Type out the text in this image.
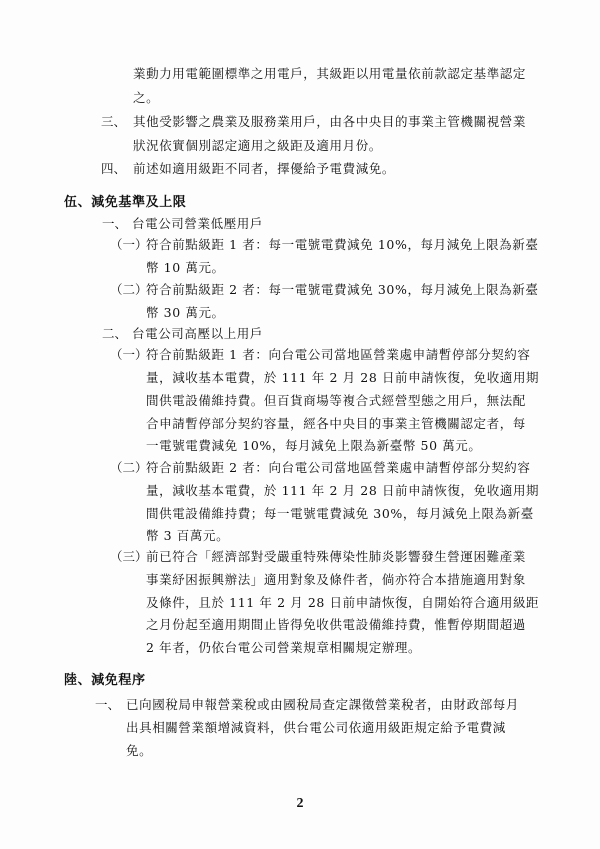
業動力用電範圍標準之用電戶，其級距以用電量依前款認定基準認定
之。
三、 其他受影響之農業及服務業用戶，由各中央目的事業主管機關視營業
狀況依實個別認定適用之級距及適用月份。
四、 前述如適用級距不同者，擇優給予電費減免。
伍、減免基準及上限
一、 台電公司營業低壓用戶
（一）
符合前點級距 1 者：每一電號電費減免 10%，每月減免上限為新臺
幣 10 萬元。
（二）
符合前點級距 2 者：每一電號電費減免 30%，每月減免上限為新臺
幣 30 萬元。
二、 台電公司高壓以上用戶
（一）
符合前點級距 1 者：向台電公司當地區營業處申請暫停部分契約容
量，減收基本電費，於 111 年 2 月 28 日前申請恢復，免收適用期
間供電設備維持費。但百貨商場等複合式經營型態之用戶，無法配
合申請暫停部分契約容量，經各中央目的事業主管機關認定者，每
一電號電費減免 10%，每月減免上限為新臺幣 50 萬元。
（二）
符合前點級距 2 者：向台電公司當地區營業處申請暫停部分契約容
量，減收基本電費，於 111 年 2 月 28 日前申請恢復，免收適用期
間供電設備維持費；每一電號電費減免 30%，每月減免上限為新臺
幣 3 百萬元。
（三）
前已符合「經濟部對受嚴重特殊傳染性肺炎影響發生營運困難產業
事業紓困振興辦法」適用對象及條件者，倘亦符合本措施適用對象
及條件，且於 111 年 2 月 28 日前申請恢復，自開始符合適用級距
之月份起至適用期間止皆得免收供電設備維持費，惟暫停期間超過
2 年者，仍依台電公司營業規章相關規定辦理。
陸、減免程序
一、 已向國稅局申報營業稅或由國稅局查定課徵營業稅者，由財政部每月
出具相關營業額增減資料，供台電公司依適用級距規定給予電費減
免。
2
